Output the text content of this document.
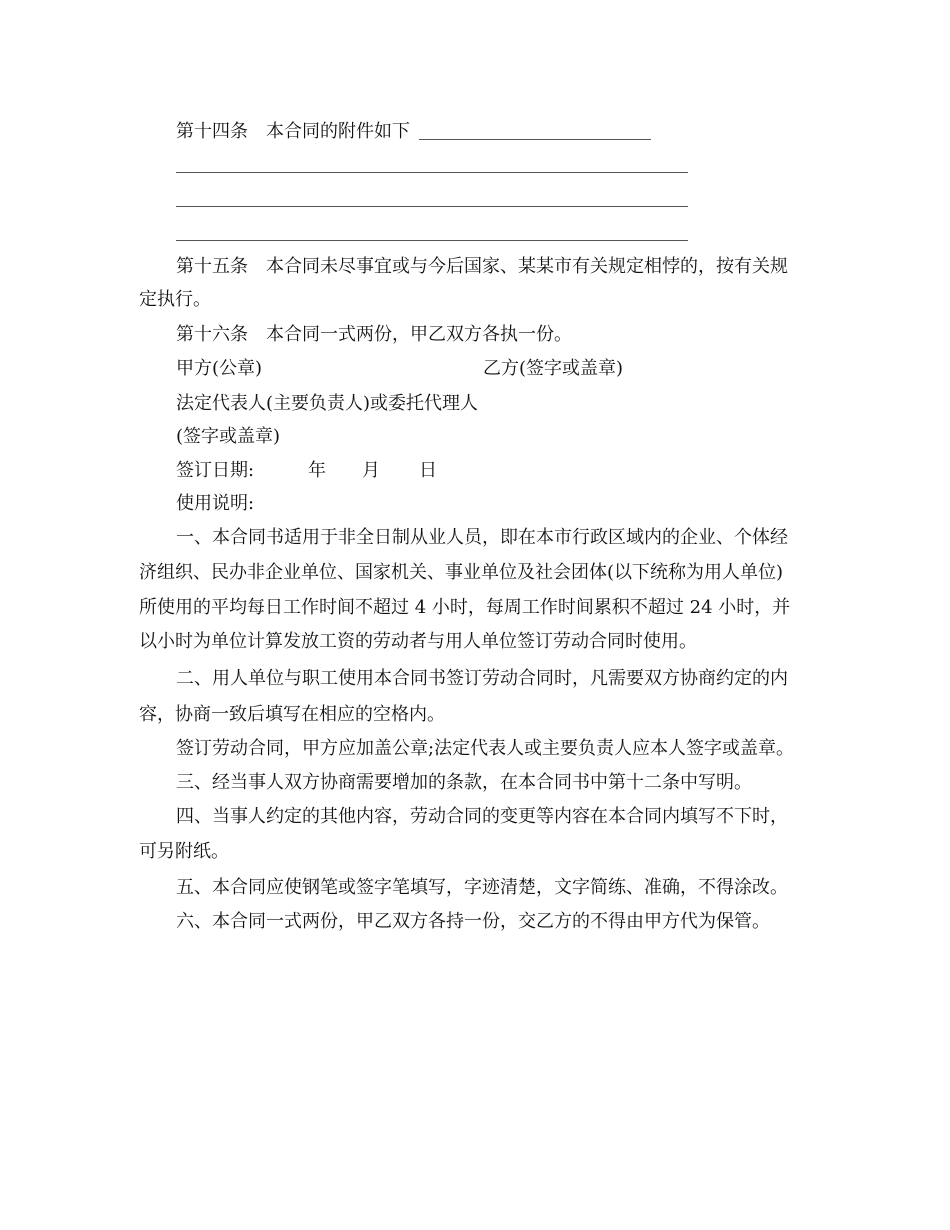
第十四条 本合同的附件如下
第十五条 本合同未尽事宜或与今后国家、某某市有关规定相悖的，按有关规
定执行。
第十六条 本合同一式两份，甲乙双方各执一份。
甲方(公章)	乙方(签字或盖章)
法定代表人(主要负责人)或委托代理人
(签字或盖章)
签订日期:	年 月 日
使用说明:
一、本合同书适用于非全日制从业人员，即在本市行政区域内的企业、个体经
济组织、民办非企业单位、国家机关、事业单位及社会团体(以下统称为用人单位)
所使用的平均每日工作时间不超过 4 小时，每周工作时间累积不超过 24 小时，并
以小时为单位计算发放工资的劳动者与用人单位签订劳动合同时使用。
二、用人单位与职工使用本合同书签订劳动合同时，凡需要双方协商约定的内
容，协商一致后填写在相应的空格内。
签订劳动合同，甲方应加盖公章;法定代表人或主要负责人应本人签字或盖章。
三、经当事人双方协商需要增加的条款，在本合同书中第十二条中写明。
四、当事人约定的其他内容，劳动合同的变更等内容在本合同内填写不下时，
可另附纸。
五、本合同应使钢笔或签字笔填写，字迹清楚，文字简练、准确，不得涂改。
六、本合同一式两份，甲乙双方各持一份，交乙方的不得由甲方代为保管。
